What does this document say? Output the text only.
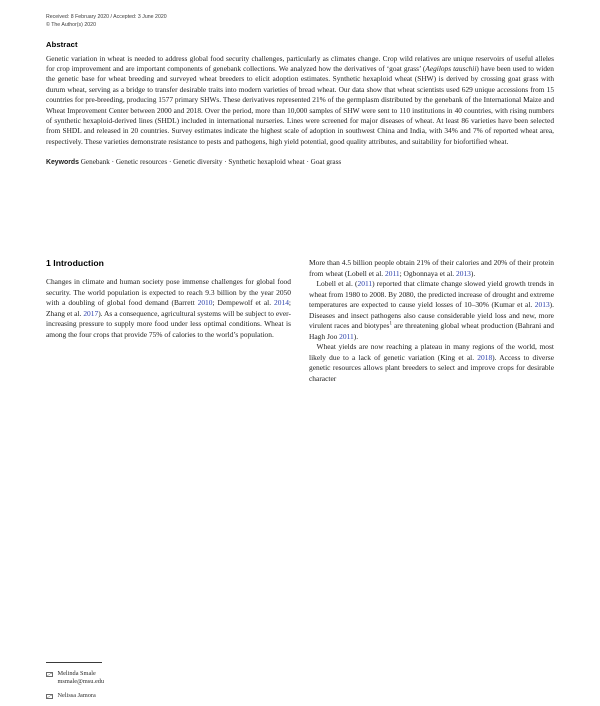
Received: 8 February 2020 / Accepted: 3 June 2020
© The Author(s) 2020
Abstract
Genetic variation in wheat is needed to address global food security challenges, particularly as climates change. Crop wild relatives are unique reservoirs of useful alleles for crop improvement and are important components of genebank collections. We analyzed how the derivatives of ‘goat grass’ (Aegilops tauschii) have been used to widen the genetic base for wheat breeding and surveyed wheat breeders to elicit adoption estimates. Synthetic hexaploid wheat (SHW) is derived by crossing goat grass with durum wheat, serving as a bridge to transfer desirable traits into modern varieties of bread wheat. Our data show that wheat scientists used 629 unique accessions from 15 countries for pre-breeding, producing 1577 primary SHWs. These derivatives represented 21% of the germplasm distributed by the genebank of the International Maize and Wheat Improvement Center between 2000 and 2018. Over the period, more than 10,000 samples of SHW were sent to 110 institutions in 40 countries, with rising numbers of synthetic hexaploid-derived lines (SHDL) included in international nurseries. Lines were screened for major diseases of wheat. At least 86 varieties have been selected from SHDL and released in 20 countries. Survey estimates indicate the highest scale of adoption in southwest China and India, with 34% and 7% of reported wheat area, respectively. These varieties demonstrate resistance to pests and pathogens, high yield potential, good quality attributes, and suitability for biofortified wheat.
Keywords Genebank · Genetic resources · Genetic diversity · Synthetic hexaploid wheat · Goat grass
1 Introduction

Changes in climate and human society pose immense challenges for global food security. The world population is expected to reach 9.3 billion by the year 2050 with a doubling of global food demand (Barrett 2010; Dempewolf et al. 2014; Zhang et al. 2017). As a consequence, agricultural systems will be subject to ever-increasing pressure to supply more food under less optimal conditions. Wheat is among the four crops that provide 75% of calories to the world’s population.

Melinda Smale
msmale@msu.edu
Nelissa Jamora

More than 4.5 billion people obtain 21% of their calories and 20% of their protein from wheat (Lobell et al. 2011; Ogbonnaya et al. 2013).

Lobell et al. (2011) reported that climate change slowed yield growth trends in wheat from 1980 to 2008. By 2080, the predicted increase of drought and extreme temperatures are expected to cause yield losses of 10–30% (Kumar et al. 2013). Diseases and insect pathogens also cause considerable yield loss and new, more virulent races and biotypes$^1$ are threatening global wheat production (Bahrani and Hagh Joo 2011).

Wheat yields are now reaching a plateau in many regions of the world, most likely due to a lack of genetic variation (King et al. 2018). Access to diverse genetic resources allows plant breeders to select and improve crops for desirable character
